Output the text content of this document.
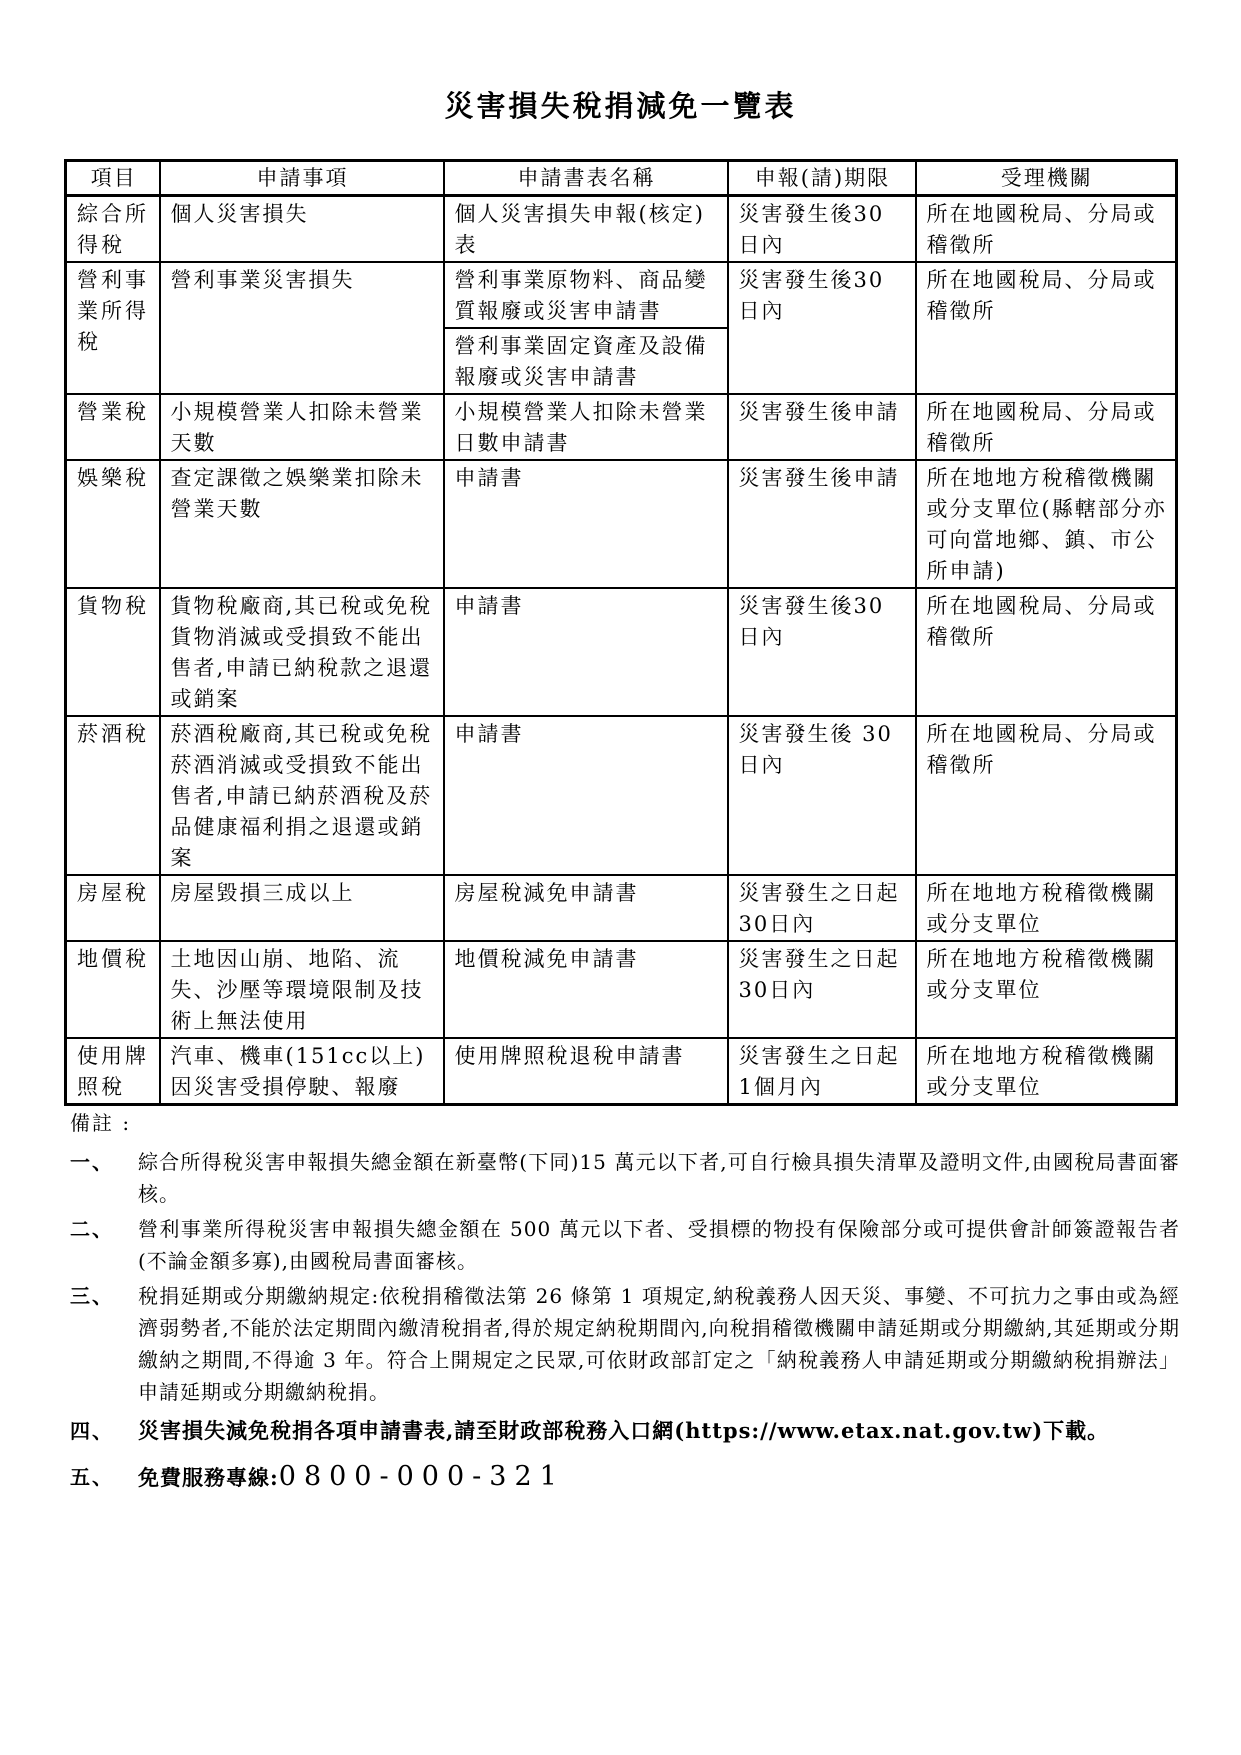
災害損失稅捐減免一覽表
項目	申請事項	申請書表名稱	申報(請)期限	受理機關
綜合所得稅	個人災害損失	個人災害損失申報(核定)表	災害發生後30日內	所在地國稅局、分局或稽徵所
營利事業所得稅	營利事業災害損失	營利事業原物料、商品變質報廢或災害申請書	災害發生後30日內	所在地國稅局、分局或稽徵所
		營利事業固定資產及設備報廢或災害申請書		
營業稅	小規模營業人扣除未營業天數	小規模營業人扣除未營業日數申請書	災害發生後申請	所在地國稅局、分局或稽徵所
娛樂稅	查定課徵之娛樂業扣除未營業天數	申請書	災害發生後申請	所在地地方稅稽徵機關或分支單位(縣轄部分亦可向當地鄉、鎮、市公所申請)
貨物稅	貨物稅廠商,其已稅或免稅貨物消滅或受損致不能出售者,申請已納稅款之退還或銷案	申請書	災害發生後30日內	所在地國稅局、分局或稽徵所
菸酒稅	菸酒稅廠商,其已稅或免稅菸酒消滅或受損致不能出售者,申請已納菸酒稅及菸品健康福利捐之退還或銷案	申請書	災害發生後 30日內	所在地國稅局、分局或稽徵所
房屋稅	房屋毀損三成以上	房屋稅減免申請書	災害發生之日起30日內	所在地地方稅稽徵機關或分支單位
地價稅	土地因山崩、地陷、流失、沙壓等環境限制及技術上無法使用	地價稅減免申請書	災害發生之日起30日內	所在地地方稅稽徵機關或分支單位
使用牌照稅	汽車、機車(151cc以上)因災害受損停駛、報廢	使用牌照稅退稅申請書	災害發生之日起1個月內	所在地地方稅稽徵機關或分支單位
備註 :
一、	綜合所得稅災害申報損失總金額在新臺幣(下同)15 萬元以下者,可自行檢具損失清單及證明文件,由國稅局書面審核。
二、	營利事業所得稅災害申報損失總金額在 500 萬元以下者、受損標的物投有保險部分或可提供會計師簽證報告者(不論金額多寡),由國稅局書面審核。
三、	稅捐延期或分期繳納規定:依稅捐稽徵法第 26 條第 1 項規定,納稅義務人因天災、事變、不可抗力之事由或為經濟弱勢者,不能於法定期間內繳清稅捐者,得於規定納稅期間內,向稅捐稽徵機關申請延期或分期繳納,其延期或分期繳納之期間,不得逾 3 年。符合上開規定之民眾,可依財政部訂定之「納稅義務人申請延期或分期繳納稅捐辦法」申請延期或分期繳納稅捐。
四、	災害損失減免稅捐各項申請書表,請至財政部稅務入口網(https://www.etax.nat.gov.tw)下載。
五、	免費服務專線:0800-000-321
